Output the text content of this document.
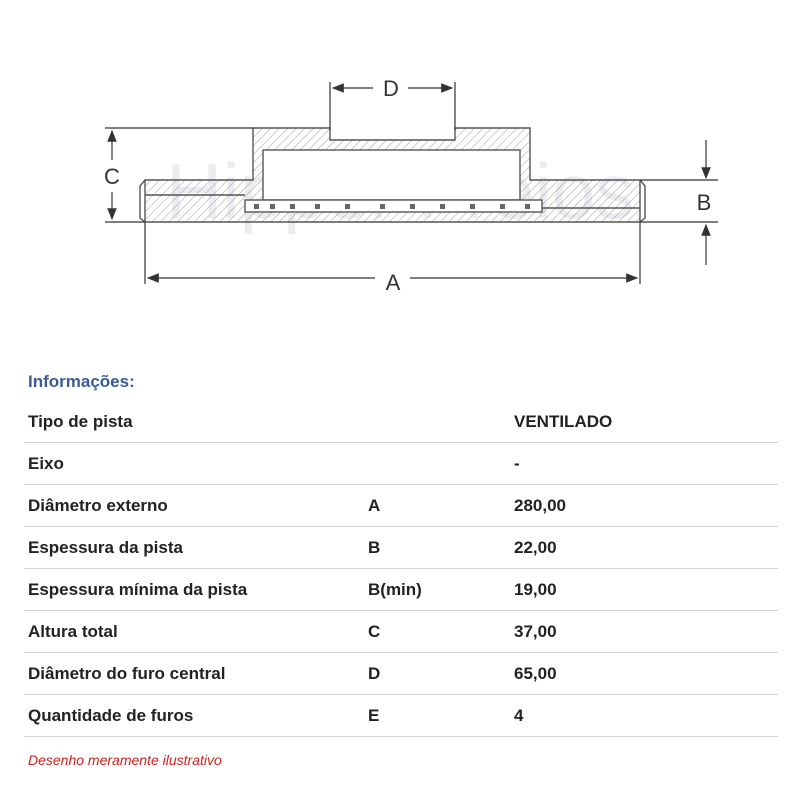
D
C
B
A
Informações:
Tipo de pista		VENTILADO
Eixo		-
Diâmetro externo	A	280,00
Espessura da pista	B	22,00
Espessura mínima da pista	B(min)	19,00
Altura total	C	37,00
Diâmetro do furo central	D	65,00
Quantidade de furos	E	4
Desenho meramente ilustrativo
